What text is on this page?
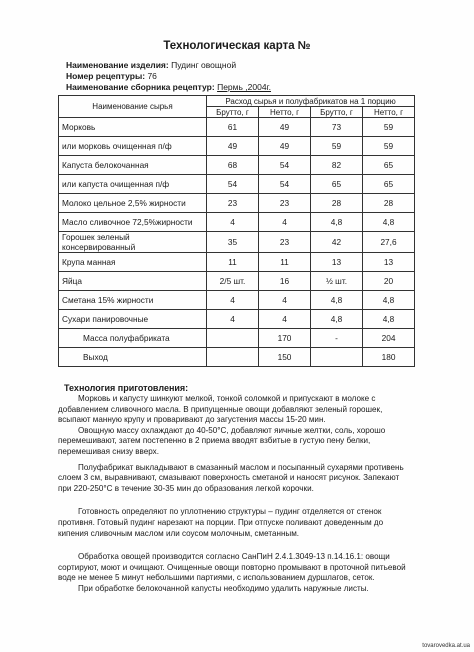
Технологическая карта №
Наименование изделия: Пудинг овощной
Номер рецептуры: 76
Наименование сборника рецептур: Пермь ,2004г.
Наименование сырья	Расход сырья и полуфабрикатов на 1 порцию			
	Брутто, г	Нетто, г	Брутто, г	Нетто, г
Морковь	61	49	73	59
или морковь очищенная п/ф	49	49	59	59
Капуста белокочанная	68	54	82	65
или капуста очищенная п/ф	54	54	65	65
Молоко цельное 2,5% жирности	23	23	28	28
Масло сливочное 72,5%жирности	4	4	4,8	4,8
Горошек зеленый консервированный	35	23	42	27,6
Крупа манная	11	11	13	13
Яйца	2/5 шт.	16	½ шт.	20
Сметана 15% жирности	4	4	4,8	4,8
Сухари панировочные	4	4	4,8	4,8
Масса полуфабриката		170	-	204
Выход		150		180
Технология приготовления:

Морковь и капусту шинкуют мелкой, тонкой соломкой и припускают в молоке с добавлением сливочного масла. В припущенные овощи добавляют зеленый горошек, всыпают манную крупу и проваривают до загустения массы 15-20 мин.

Овощную массу охлаждают до 40-50°С, добавляют яичные желтки, соль, хорошо перемешивают, затем постепенно в 2 приема вводят взбитые в густую пену белки, перемешивая снизу вверх.

Полуфабрикат выкладывают в смазанный маслом и посыпанный сухарями противень слоем 3 см, выравнивают, смазывают поверхность сметаной и наносят рисунок. Запекают при 220-250°С в течение 30-35 мин до образования легкой корочки.

Готовность определяют по уплотнению структуры – пудинг отделяется от стенок противня. Готовый пудинг нарезают на порции. При отпуске поливают доведенным до кипения сливочным маслом или соусом молочным, сметанным.

Обработка овощей производится согласно СанПиН 2.4.1.3049-13 п.14.16.1: овощи сортируют, моют и очищают. Очищенные овощи повторно промывают в проточной питьевой воде не менее 5 минут небольшими партиями, с использованием дуршлагов, сеток.

При обработке белокочанной капусты необходимо удалить наружные листы.

tovarovedka.at.ua
